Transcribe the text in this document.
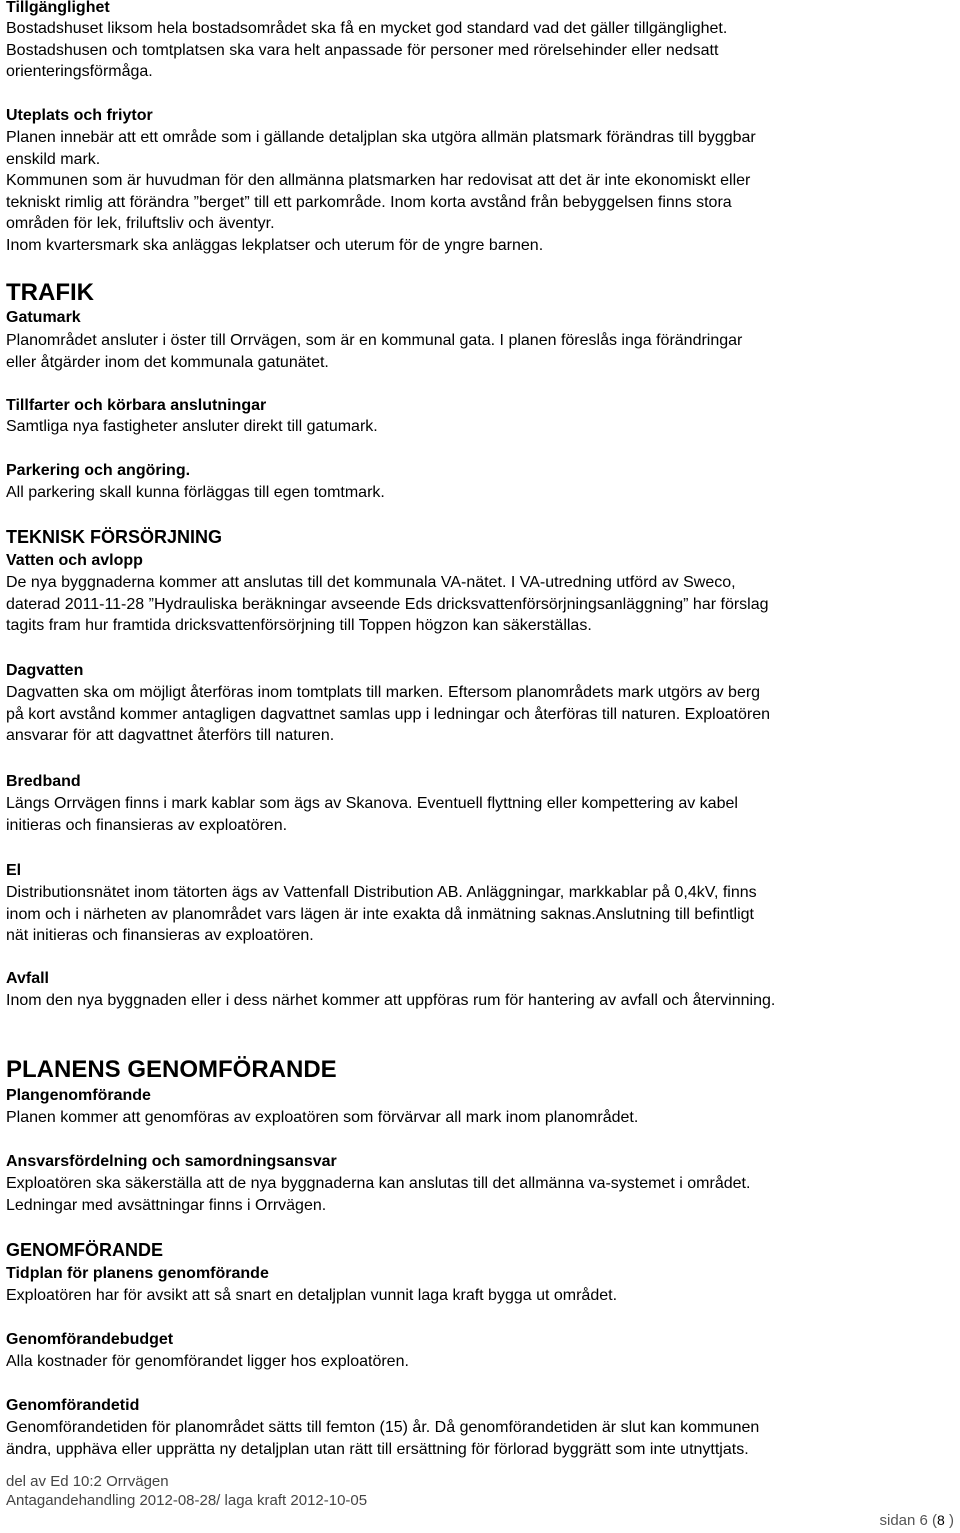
Tillgänglighet
Bostadshuset liksom hela bostadsområdet ska få en mycket god standard vad det gäller tillgänglighet.
Bostadshusen och tomtplatsen ska vara helt anpassade för personer med rörelsehinder eller nedsatt
orienteringsförmåga.
Uteplats och friytor
Planen innebär att ett område som i gällande detaljplan ska utgöra allmän platsmark förändras till byggbar
enskild mark.
Kommunen som är huvudman för den allmänna platsmarken har redovisat att det är inte ekonomiskt eller
tekniskt rimlig att förändra ”berget” till ett parkområde. Inom korta avstånd från bebyggelsen finns stora
områden för lek, friluftsliv och äventyr.
Inom kvartersmark ska anläggas lekplatser och uterum för de yngre barnen.
TRAFIK
Gatumark
Planområdet ansluter i öster till Orrvägen, som är en kommunal gata. I planen föreslås inga förändringar
eller åtgärder inom det kommunala gatunätet.
Tillfarter och körbara anslutningar
Samtliga nya fastigheter ansluter direkt till gatumark.
Parkering och angöring.
All parkering skall kunna förläggas till egen tomtmark.
TEKNISK FÖRSÖRJNING
Vatten och avlopp
De nya byggnaderna kommer att anslutas till det kommunala VA-nätet. I VA-utredning utförd av Sweco,
daterad 2011-11-28 ”Hydrauliska beräkningar avseende Eds dricksvattenförsörjningsanläggning” har förslag
tagits fram hur framtida dricksvattenförsörjning till Toppen högzon kan säkerställas.
Dagvatten
Dagvatten ska om möjligt återföras inom tomtplats till marken. Eftersom planområdets mark utgörs av berg
på kort avstånd kommer antagligen dagvattnet samlas upp i ledningar och återföras till naturen. Exploatören
ansvarar för att dagvattnet återförs till naturen.
Bredband
Längs Orrvägen finns i mark kablar som ägs av Skanova. Eventuell flyttning eller kompettering av kabel
initieras och finansieras av exploatören.
El
Distributionsnätet inom tätorten ägs av Vattenfall Distribution AB. Anläggningar, markkablar på 0,4kV, finns
inom och i närheten av planområdet vars lägen är inte exakta då inmätning saknas.Anslutning till befintligt
nät initieras och finansieras av exploatören.
Avfall
Inom den nya byggnaden eller i dess närhet kommer att uppföras rum för hantering av avfall och återvinning.
PLANENS GENOMFÖRANDE
Plangenomförande
Planen kommer att genomföras av exploatören som förvärvar all mark inom planområdet.
Ansvarsfördelning och samordningsansvar
Exploatören ska säkerställa att de nya byggnaderna kan anslutas till det allmänna va-systemet i området.
Ledningar med avsättningar finns i Orrvägen.
GENOMFÖRANDE
Tidplan för planens genomförande
Exploatören har för avsikt att så snart en detaljplan vunnit laga kraft bygga ut området.
Genomförandebudget
Alla kostnader för genomförandet ligger hos exploatören.
Genomförandetid
Genomförandetiden för planområdet sätts till femton (15) år. Då genomförandetiden är slut kan kommunen
ändra, upphäva eller upprätta ny detaljplan utan rätt till ersättning för förlorad byggrätt som inte utnyttjats.
del av Ed 10:2 Orrvägen
Antagandehandling 2012-08-28/ laga kraft 2012-10-05
sidan 6 (8 )
